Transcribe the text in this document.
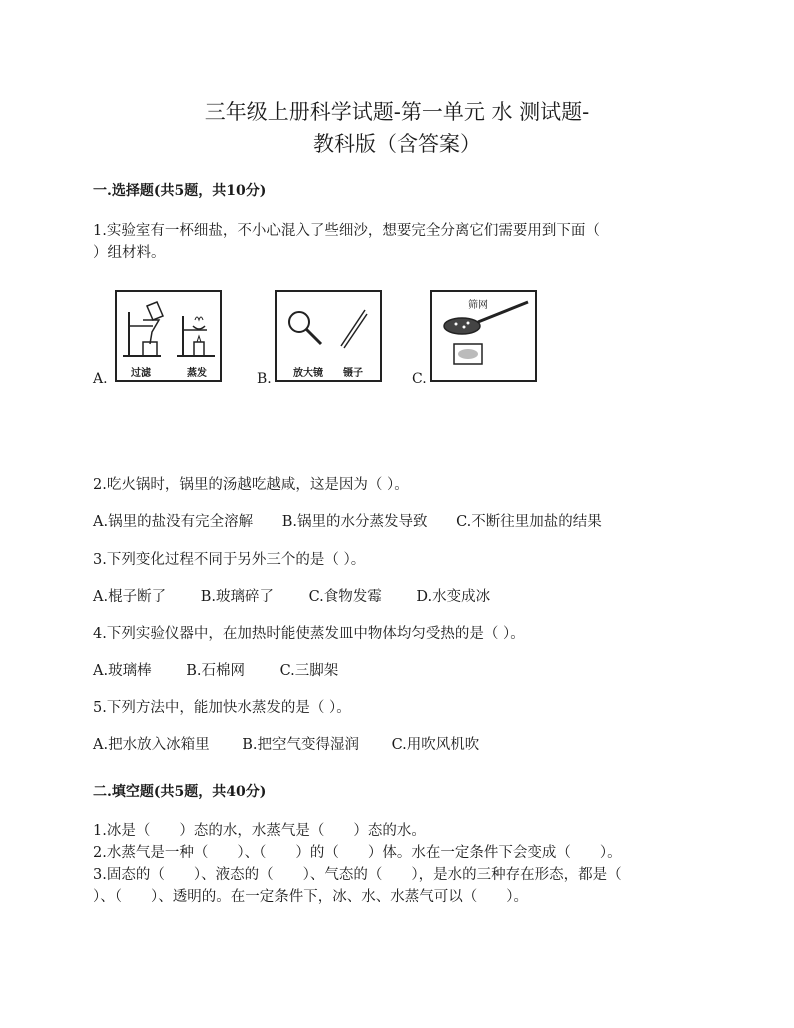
三年级上册科学试题-第一单元 水 测试题-
教科版（含答案）
一.选择题(共5题，共10分)
1.实验室有一杯细盐，不小心混入了些细沙，想要完全分离它们需要用到下面（
）组材料。
A. 过滤	蒸发	B. 放大镜 镊子	C.
筛网
2.吃火锅时，锅里的汤越吃越咸，这是因为（ ）。
A.锅里的盐没有完全溶解 B.锅里的水分蒸发导致 C.不断往里加盐的结果
3.下列变化过程不同于另外三个的是（ ）。
A.棍子断了 B.玻璃碎了 C.食物发霉 D.水变成冰
4.下列实验仪器中，在加热时能使蒸发皿中物体均匀受热的是（ ）。
A.玻璃棒 B.石棉网 C.三脚架
5.下列方法中，能加快水蒸发的是（ ）。
A.把水放入冰箱里 B.把空气变得湿润 C.用吹风机吹
二.填空题(共5题，共40分)
1.冰是（　　）态的水，水蒸气是（　　）态的水。
2.水蒸气是一种（　　）、（　　）的（　　）体。水在一定条件下会变成（　　）。
3.固态的（　　）、液态的（　　）、气态的（　　），是水的三种存在形态，都是（
）、（　　）、透明的。在一定条件下，冰、水、水蒸气可以（　　）。
